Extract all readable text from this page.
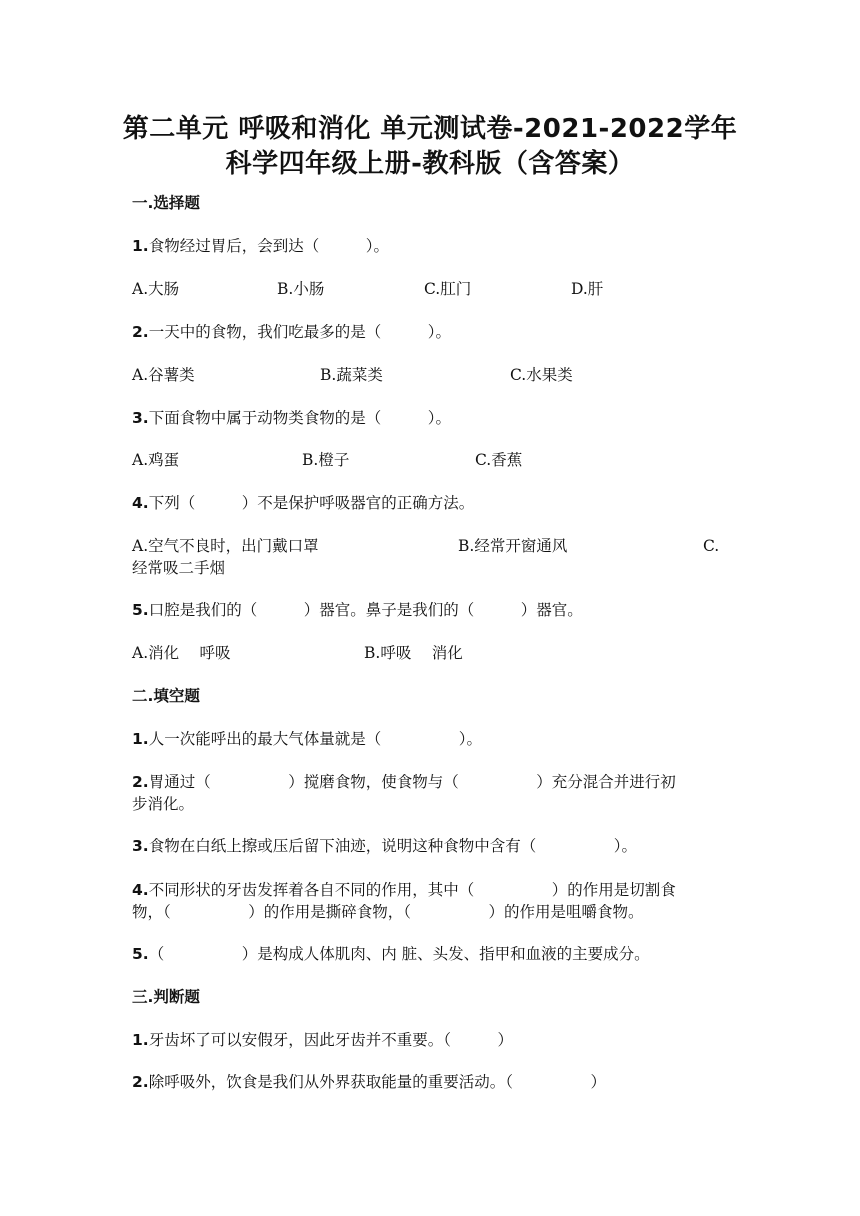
第二单元 呼吸和消化 单元测试卷-2021-2022学年
科学四年级上册-教科版（含答案）
一.选择题
1.食物经过胃后，会到达（　　　）。
A.大肠	B.小肠	C.肛门	D.肝
2.一天中的食物，我们吃最多的是（　　　）。
A.谷薯类	B.蔬菜类	C.水果类
3.下面食物中属于动物类食物的是（　　　）。
A.鸡蛋	B.橙子	C.香蕉
4.下列（　　　）不是保护呼吸器官的正确方法。
A.空气不良时，出门戴口罩	B.经常开窗通风	C.
经常吸二手烟
5.口腔是我们的（　　　）器官。鼻子是我们的（　　　）器官。
A.消化　 呼吸	B.呼吸　 消化
二.填空题
1.人一次能呼出的最大气体量就是（　　　　　）。
2.胃通过（　　　　　）搅磨食物，使食物与（　　　　　）充分混合并进行初
步消化。
3.食物在白纸上擦或压后留下油迹，说明这种食物中含有（　　　　　）。
4.不同形状的牙齿发挥着各自不同的作用，其中（　　　　　）的作用是切割食
物，（　　　　　）的作用是撕碎食物，（　　　　　）的作用是咀嚼食物。
5.（　　　　　）是构成人体肌肉、内 脏、头发、指甲和血液的主要成分。
三.判断题
1.牙齿坏了可以安假牙，因此牙齿并不重要。（　　　）
2.除呼吸外，饮食是我们从外界获取能量的重要活动。（　　　　　）
